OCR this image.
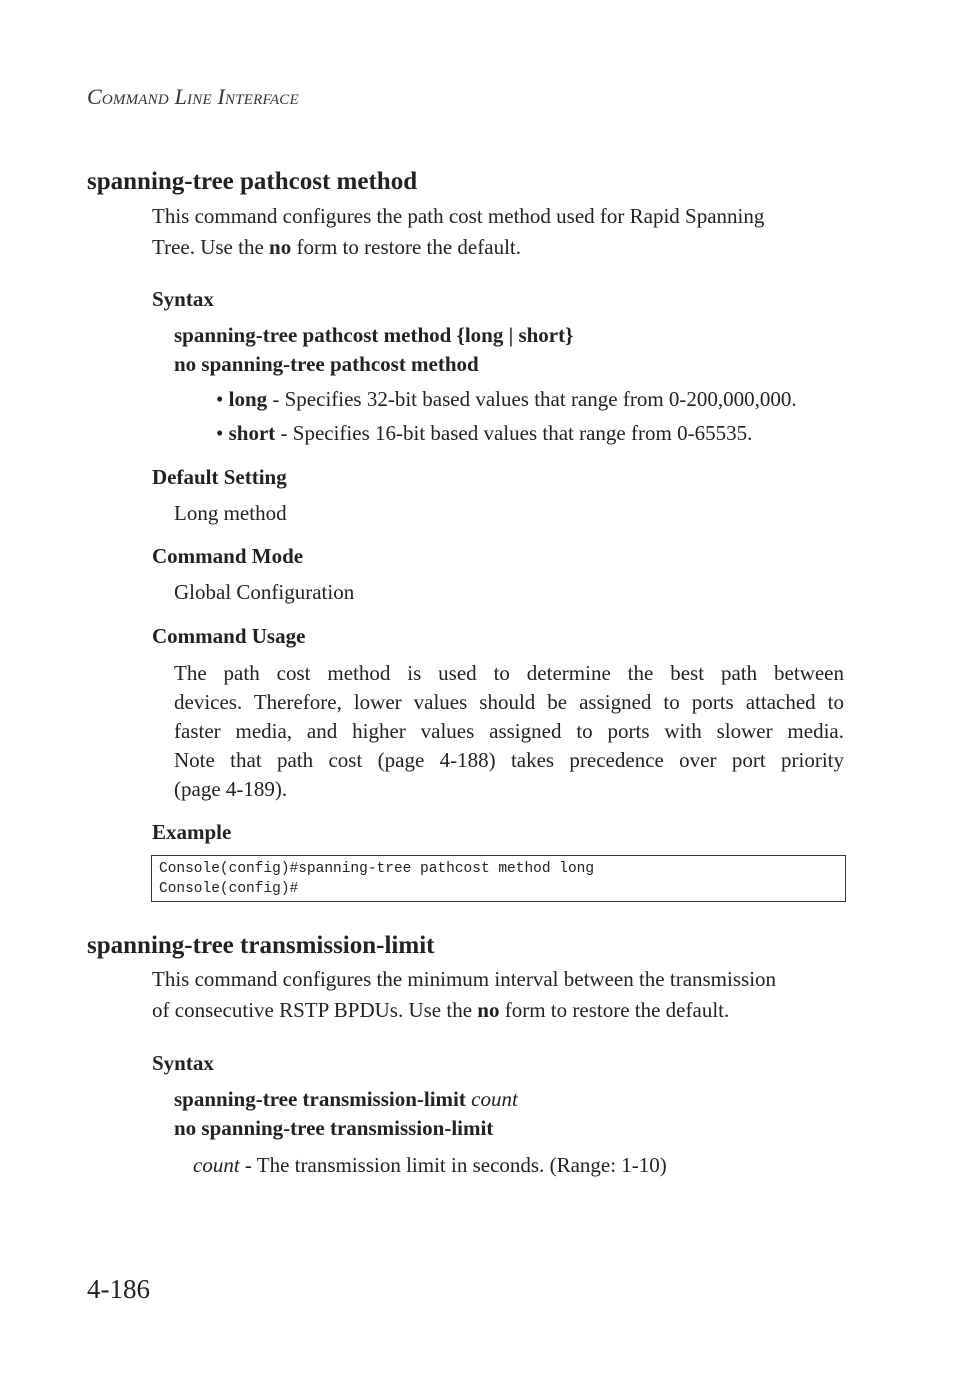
COMMAND LINE INTERFACE
spanning-tree pathcost method
This command configures the path cost method used for Rapid Spanning
Tree. Use the no form to restore the default.
Syntax
spanning-tree pathcost method {long | short}
no spanning-tree pathcost method
• long - Specifies 32-bit based values that range from 0-200,000,000.
• short - Specifies 16-bit based values that range from 0-65535.
Default Setting
Long method
Command Mode
Global Configuration
Command Usage
The path cost method is used to determine the best path between
devices. Therefore, lower values should be assigned to ports attached to
faster media, and higher values assigned to ports with slower media.
Note that path cost (page 4-188) takes precedence over port priority
(page 4-189).
Example
Console(config)#spanning-tree pathcost method long
Console(config)#
spanning-tree transmission-limit
This command configures the minimum interval between the transmission
of consecutive RSTP BPDUs. Use the no form to restore the default.
Syntax
spanning-tree transmission-limit count
no spanning-tree transmission-limit
count - The transmission limit in seconds. (Range: 1-10)
4-186
